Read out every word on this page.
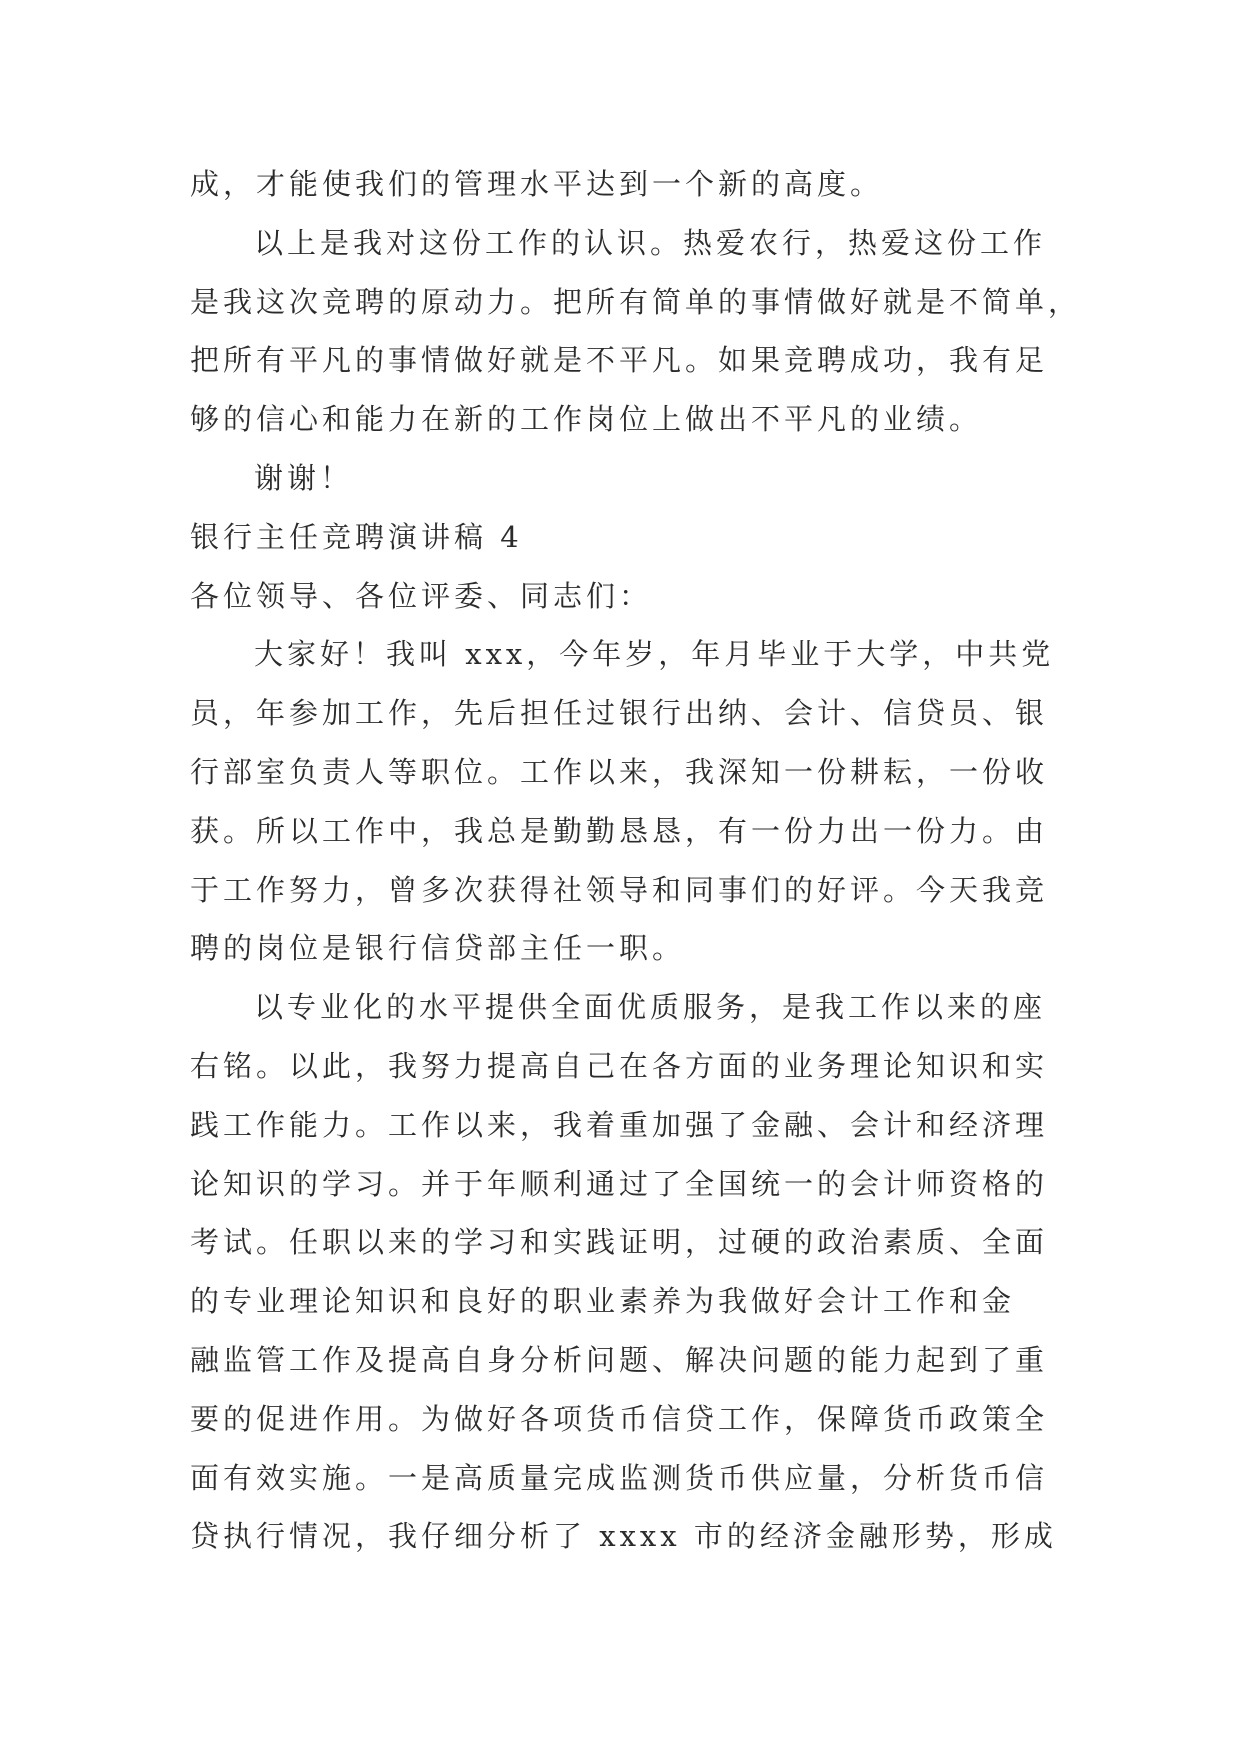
成，才能使我们的管理水平达到一个新的高度。
以上是我对这份工作的认识。热爱农行，热爱这份工作
是我这次竞聘的原动力。把所有简单的事情做好就是不简单，
把所有平凡的事情做好就是不平凡。如果竞聘成功，我有足
够的信心和能力在新的工作岗位上做出不平凡的业绩。
谢谢！
银行主任竞聘演讲稿 4
各位领导、各位评委、同志们：
大家好！我叫 xxx，今年岁，年月毕业于大学，中共党
员，年参加工作，先后担任过银行出纳、会计、信贷员、银
行部室负责人等职位。工作以来，我深知一份耕耘，一份收
获。所以工作中，我总是勤勤恳恳，有一份力出一份力。由
于工作努力，曾多次获得社领导和同事们的好评。今天我竞
聘的岗位是银行信贷部主任一职。
以专业化的水平提供全面优质服务，是我工作以来的座
右铭。以此，我努力提高自己在各方面的业务理论知识和实
践工作能力。工作以来，我着重加强了金融、会计和经济理
论知识的学习。并于年顺利通过了全国统一的会计师资格的
考试。任职以来的学习和实践证明，过硬的政治素质、全面
的专业理论知识和良好的职业素养为我做好会计工作和金
融监管工作及提高自身分析问题、解决问题的能力起到了重
要的促进作用。为做好各项货币信贷工作，保障货币政策全
面有效实施。一是高质量完成监测货币供应量，分析货币信
贷执行情况，我仔细分析了 xxxx 市的经济金融形势，形成
